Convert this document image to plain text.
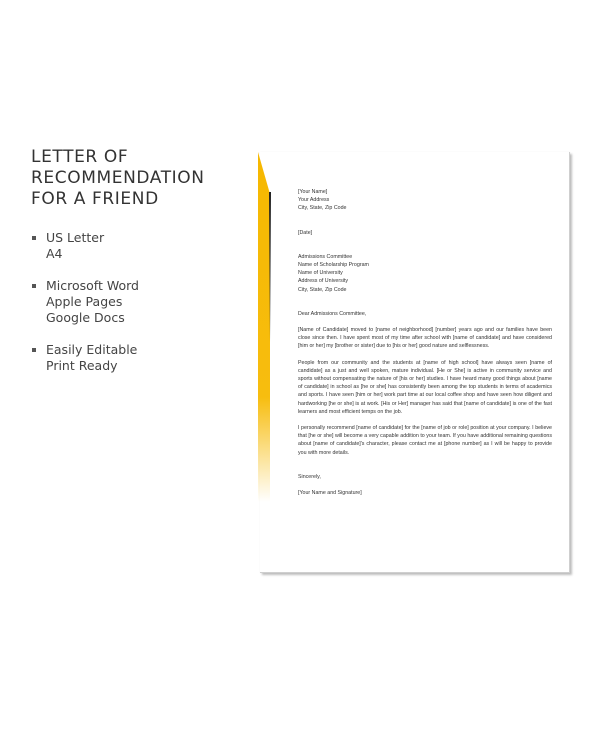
LETTER OF
RECOMMENDATION
FOR A FRIEND
US Letter
A4
Microsoft Word
Apple Pages
Google Docs
Easily Editable
Print Ready
[Your Name]
Your Address
City, State, Zip Code
[Date]
Admissions Committee
Name of Scholarship Program
Name of University
Address of University
City, State, Zip Code

Dear Admissions Committee,

[Name of Candidate] moved to [name of neighborhood] [number] years ago and our families have been close since then. I have spent most of my time after school with [name of candidate] and have considered [him or her] my [brother or sister] due to [his or her] good nature and selflessness.

People from our community and the students at [name of high school] have always seen [name of candidate] as a just and well spoken, mature individual. [He or She] is active in community service and sports without compensating the nature of [his or her] studies. I have heard many good things about [name of candidate] in school as [he or she] has consistently been among the top students in terms of academics and sports. I have seen [him or her] work part time at our local coffee shop and have seen how diligent and hardworking [he or she] is at work. [His or Her] manager has said that [name of candidate] is one of the fast learners and most efficient temps on the job.

I personally recommend [name of candidate] for the [name of job or role] position at your company. I believe that [he or she] will become a very capable addition to your team. If you have additional remaining questions about [name of candidate]'s character, please contact me at [phone number] as I will be happy to provide you with more details.

Sincerely,

[Your Name and Signature]
